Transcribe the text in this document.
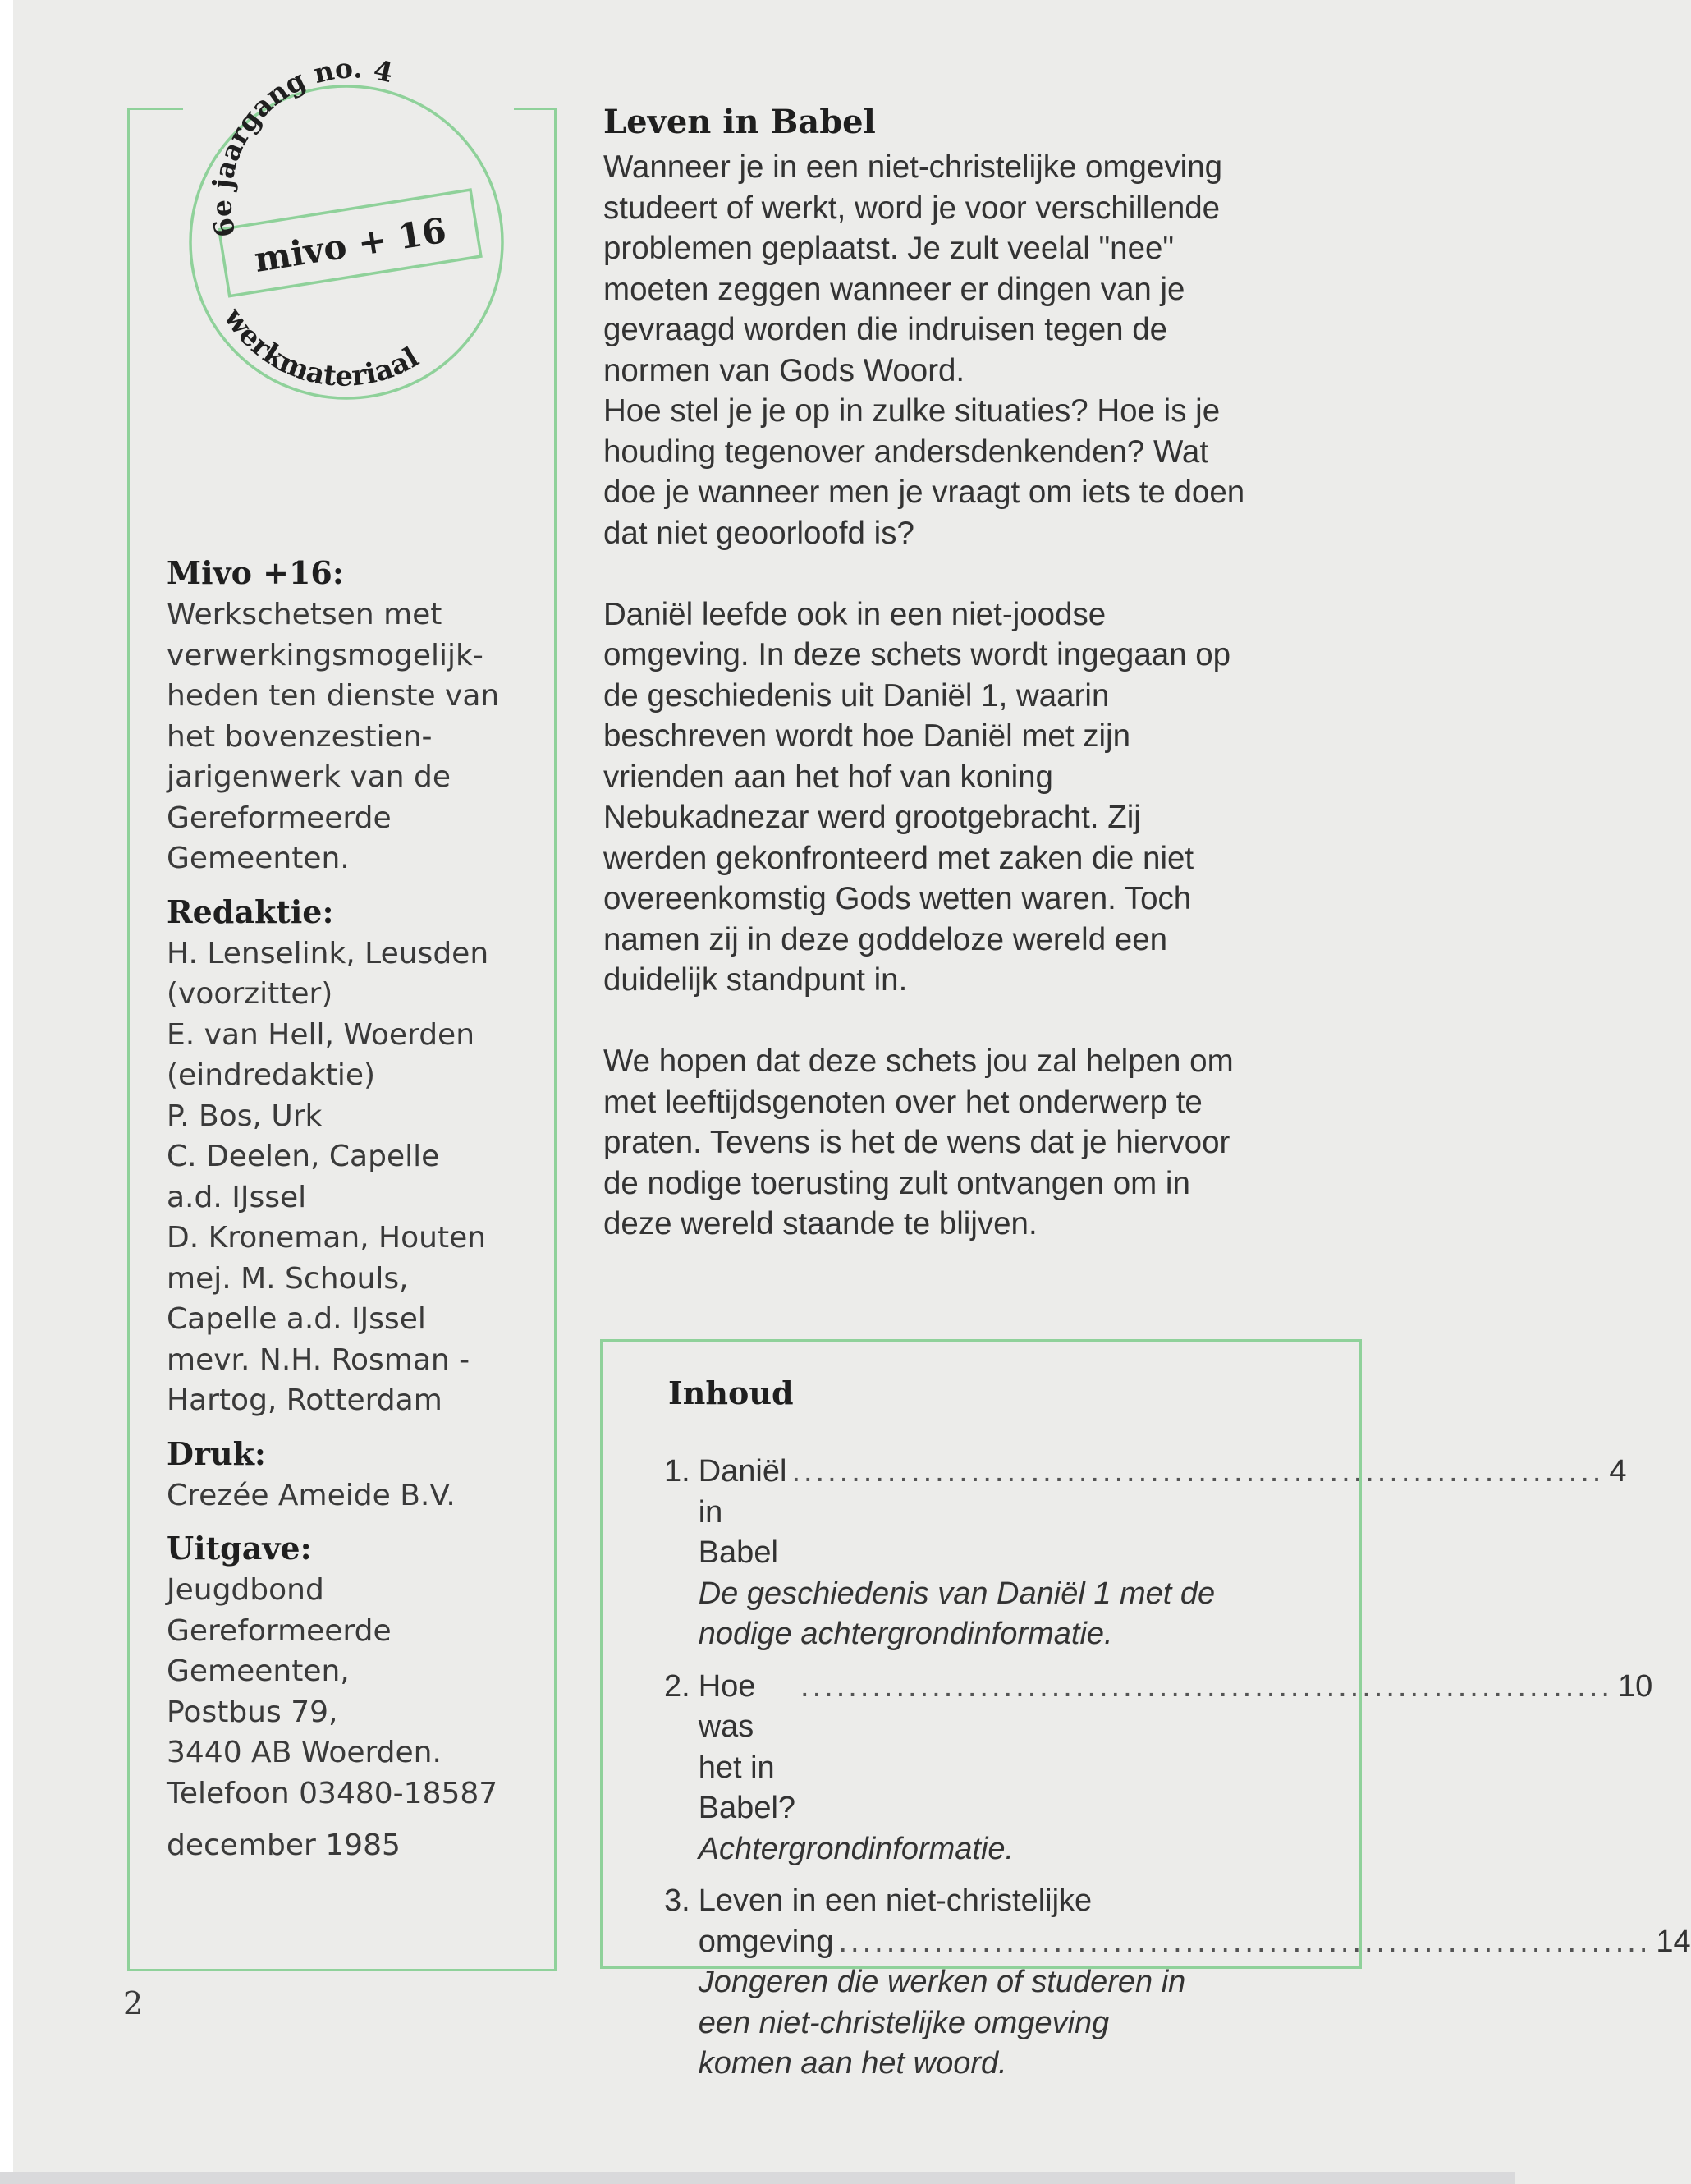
mivo + 16
6e jaargang no. 4
werkmateriaal
Mivo +16:
Werkschetsen met
verwerkingsmogelijk-
heden ten dienste van
het bovenzestien-
jarigenwerk van de
Gereformeerde
Gemeenten.
Redaktie:
H. Lenselink, Leusden
(voorzitter)
E. van Hell, Woerden
(eindredaktie)
P. Bos, Urk
C. Deelen, Capelle
a.d. IJssel
D. Kroneman, Houten
mej. M. Schouls,
Capelle a.d. IJssel
mevr. N.H. Rosman -
Hartog, Rotterdam
Druk:
Crezée Ameide B.V.
Uitgave:
Jeugdbond
Gereformeerde
Gemeenten,
Postbus 79,
3440 AB Woerden.
Telefoon 03480-18587
december 1985
2
Leven in Babel
Wanneer je in een niet-christelijke omgeving
studeert of werkt, word je voor verschillende
problemen geplaatst. Je zult veelal "nee"
moeten zeggen wanneer er dingen van je
gevraagd worden die indruisen tegen de
normen van Gods Woord.
Hoe stel je je op in zulke situaties? Hoe is je
houding tegenover andersdenkenden? Wat
doe je wanneer men je vraagt om iets te doen
dat niet geoorloofd is?
Daniël leefde ook in een niet-joodse
omgeving. In deze schets wordt ingegaan op
de geschiedenis uit Daniël 1, waarin
beschreven wordt hoe Daniël met zijn
vrienden aan het hof van koning
Nebukadnezar werd grootgebracht. Zij
werden gekonfronteerd met zaken die niet
overeenkomstig Gods wetten waren. Toch
namen zij in deze goddeloze wereld een
duidelijk standpunt in.
We hopen dat deze schets jou zal helpen om
met leeftijdsgenoten over het onderwerp te
praten. Tevens is het de wens dat je hiervoor
de nodige toerusting zult ontvangen om in
deze wereld staande te blijven.
Inhoud
1. Daniël in Babel
.................................................................... 4
De geschiedenis van Daniël 1 met de
nodige achtergrondinformatie.
2. Hoe was het in Babel?
.................................................................... 10
Achtergrondinformatie.
3. Leven in een niet-christelijke
omgeving .................................................................... 14
Jongeren die werken of studeren in
een niet-christelijke omgeving
komen aan het woord.
